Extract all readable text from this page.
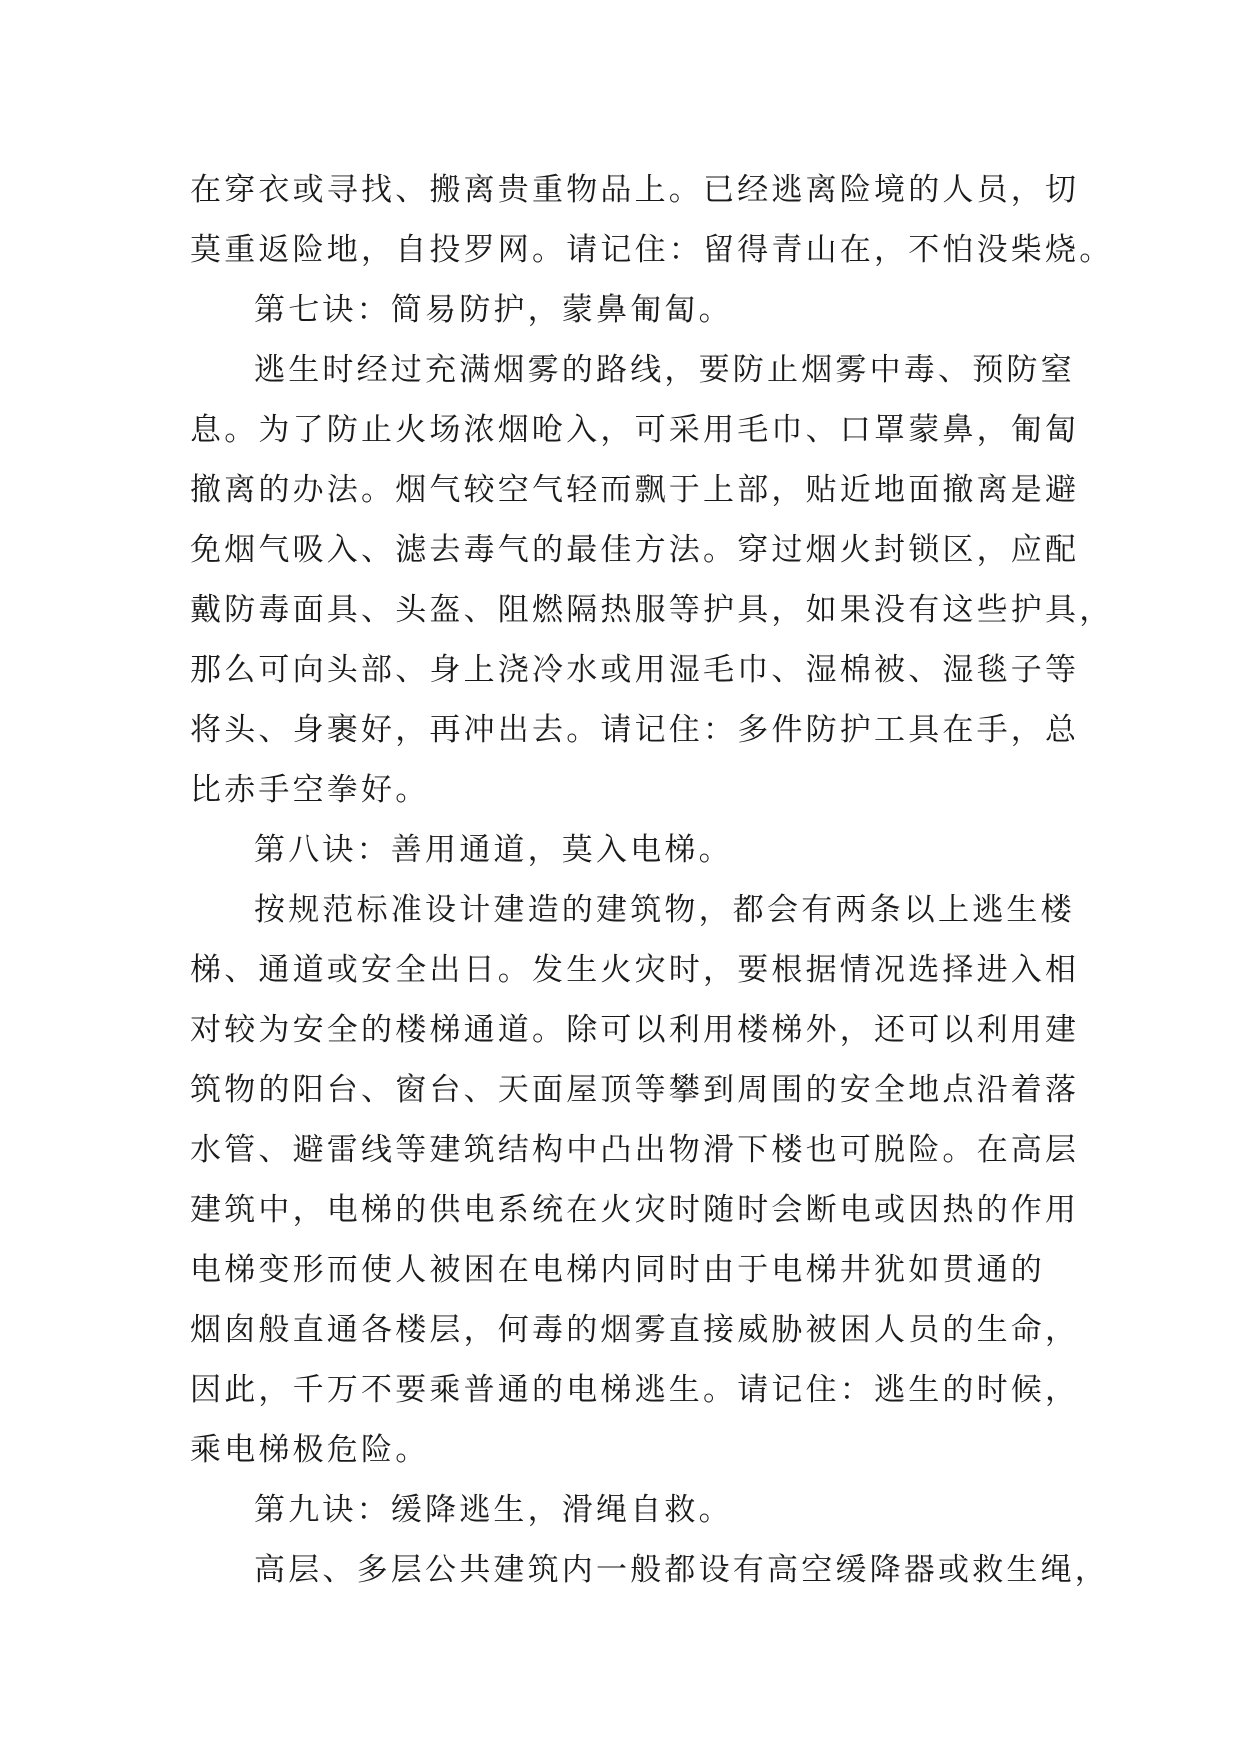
在穿衣或寻找、搬离贵重物品上。已经逃离险境的人员，切
莫重返险地，自投罗网。请记住：留得青山在，不怕没柴烧。
第七诀：简易防护，蒙鼻匍匐。
逃生时经过充满烟雾的路线，要防止烟雾中毒、预防窒
息。为了防止火场浓烟呛入，可采用毛巾、口罩蒙鼻，匍匐
撤离的办法。烟气较空气轻而飘于上部，贴近地面撤离是避
免烟气吸入、滤去毒气的最佳方法。穿过烟火封锁区，应配
戴防毒面具、头盔、阻燃隔热服等护具，如果没有这些护具，
那么可向头部、身上浇冷水或用湿毛巾、湿棉被、湿毯子等
将头、身裹好，再冲出去。请记住：多件防护工具在手，总
比赤手空拳好。
第八诀：善用通道，莫入电梯。
按规范标准设计建造的建筑物，都会有两条以上逃生楼
梯、通道或安全出日。发生火灾时，要根据情况选择进入相
对较为安全的楼梯通道。除可以利用楼梯外，还可以利用建
筑物的阳台、窗台、天面屋顶等攀到周围的安全地点沿着落
水管、避雷线等建筑结构中凸出物滑下楼也可脱险。在高层
建筑中，电梯的供电系统在火灾时随时会断电或因热的作用
电梯变形而使人被困在电梯内同时由于电梯井犹如贯通的
烟囱般直通各楼层，何毒的烟雾直接威胁被困人员的生命，
因此，千万不要乘普通的电梯逃生。请记住：逃生的时候，
乘电梯极危险。
第九诀：缓降逃生，滑绳自救。
高层、多层公共建筑内一般都设有高空缓降器或救生绳，
